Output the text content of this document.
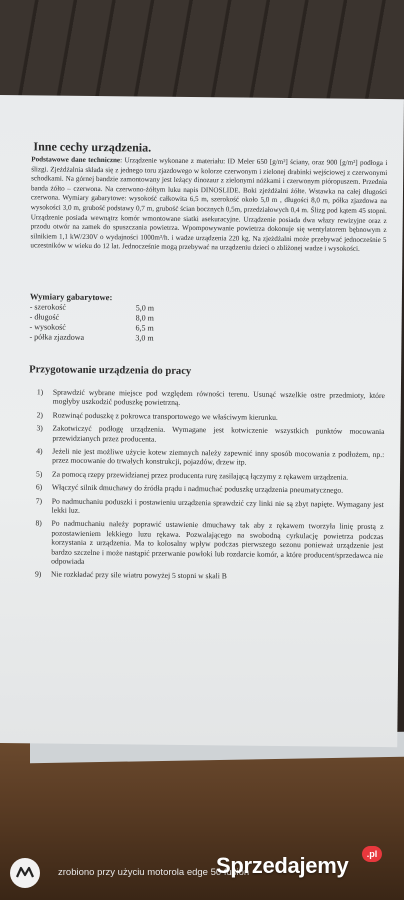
Inne cechy urządzenia.

Podstawowe dane techniczne: Urządzenie wykonane z materiału: ID Meler 650 [g/m²] ściany, oraz 900 [g/m²] podłoga i ślizgi. Zjeżdżalnia składa się z jednego toru zjazdowego w kolorze czerwonym i zielonej drabinki wejściowej z czerwonymi schodkami. Na górnej bandzie zamontowany jest leżący dinozaur z zielonymi nóżkami i czerwonym pióropuszem. Przednia banda żółto – czerwona. Na czerwono-żółtym luku napis DINOSLIDE. Boki zjeżdżalni żółte. Wstawka na całej długości czerwona. Wymiary gabarytowe: wysokość całkowita 6,5 m, szerokość około 5,0 m , długości 8,0 m, półka zjazdowa na wysokości 3,0 m, grubość podstawy 0,7 m, grubość ścian bocznych 0,5m, przedziałowych 0,4 m. Ślizg pod kątem 45 stopni. Urządzenie posiada wewnątrz komór wmontowane siatki asekuracyjne. Urządzenie posiada dwa włazy rewizyjne oraz z przodu otwór na zamek do spuszczania powietrza. Wpompowywanie powietrza dokonuje się wentylatorem bębnowym z silnikiem 1,1 kW/230V o wydajności 1000m³/h. i wadze urządzenia 220 kg. Na zjeżdżalni może przebywać jednocześnie 5 uczestników w wieku do 12 lat. Jednocześnie mogą przebywać na urządzeniu dzieci o zbliżonej wadze i wysokości.

Wymiary gabarytowe:
- szerokość	5,0 m
- długość	8,0 m
- wysokość	6,5 m
- półka zjazdowa	3,0 m
Przygotowanie urządzenia do pracy
1) Sprawdzić wybrane miejsce pod względem równości terenu. Usunąć wszelkie ostre przedmioty, które mogłyby uszkodzić poduszkę powietrzną.
2) Rozwinąć poduszkę z pokrowca transportowego we właściwym kierunku.
3) Zakotwiczyć podłogę urządzenia. Wymagane jest kotwiczenie wszystkich punktów mocowania przewidzianych przez producenta.
4) Jeżeli nie jest możliwe użycie kotew ziemnych należy zapewnić inny sposób mocowania z podłożem, np.: przez mocowanie do trwałych konstrukcji, pojazdów, drzew itp.
5) Za pomocą rzepy przewidzianej przez producenta rurę zasilającą łączymy z rękawem urządzenia.
6) Włączyć silnik dmuchawy do źródła prądu i nadmuchać poduszkę urządzenia pneumatycznego.
7) Po nadmuchaniu poduszki i postawieniu urządzenia sprawdzić czy linki nie są zbyt napięte. Wymagany jest lekki luz.
8) Po nadmuchaniu należy poprawić ustawienie dmuchawy tak aby z rękawem tworzyła linię prostą z pozostawieniem lekkiego luzu rękawa. Pozwalającego na swobodną cyrkulację powietrza podczas korzystania z urządzenia. Ma to kolosalny wpływ podczas pierwszego sezonu ponieważ urządzenie jest bardzo szczelne i może nastąpić przerwanie powłoki lub rozdarcie komór, a które producent/sprzedawca nie odpowiada
9) Nie rozkładać przy sile wiatru powyżej 5 stopni w skali B
zrobiono przy użyciu motorola edge 50 fusion
Sprzedajemy	.pl
